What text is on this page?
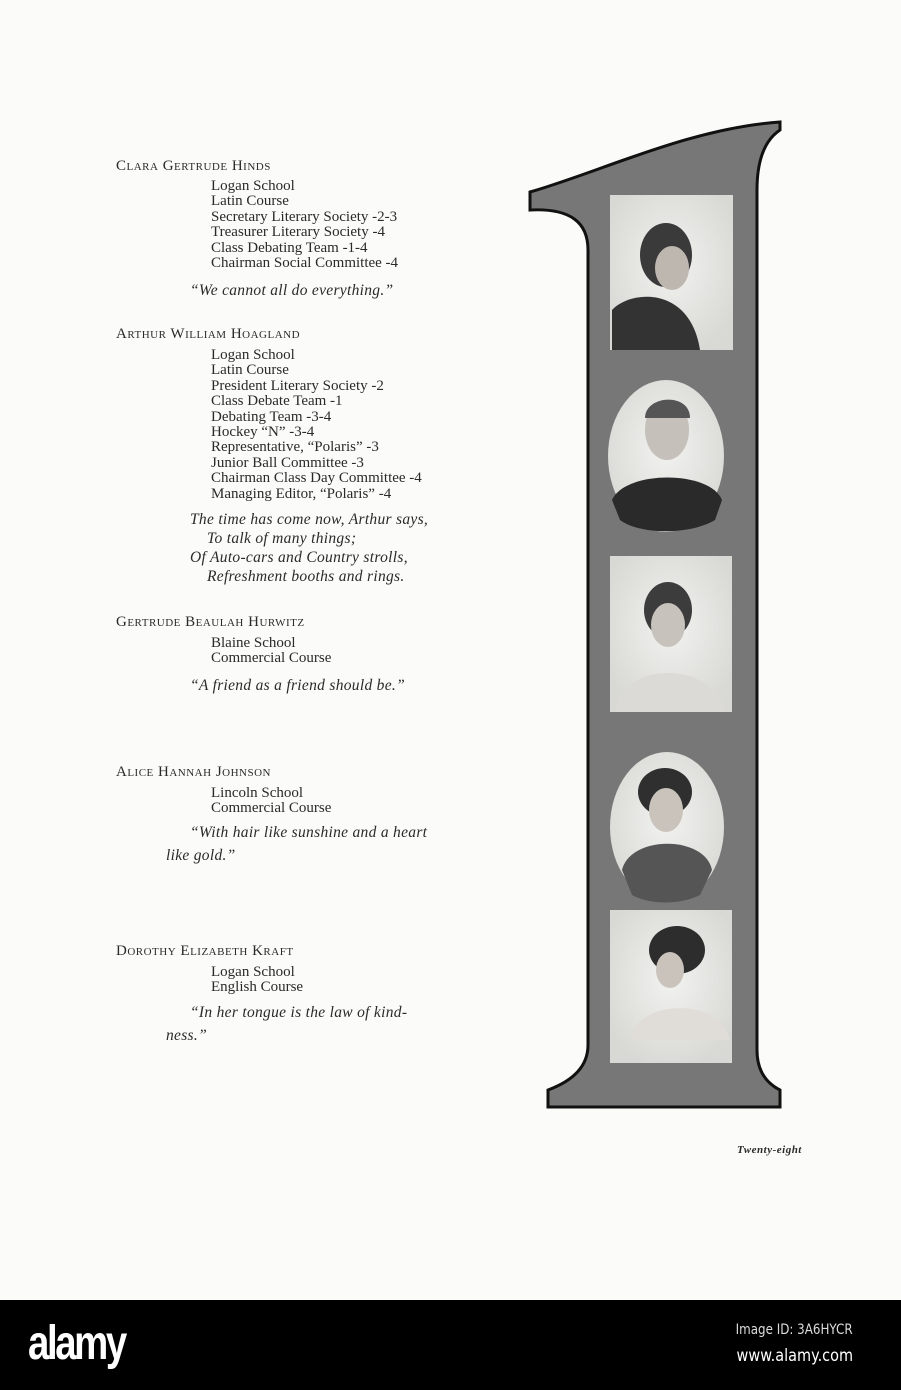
Clara Gertrude Hinds
Logan School
Latin Course
Secretary Literary Society -2-3
Treasurer Literary Society -4
Class Debating Team -1-4
Chairman Social Committee -4
“We cannot all do everything.”
Arthur William Hoagland
Logan School
Latin Course
President Literary Society -2
Class Debate Team -1
Debating Team -3-4
Hockey “N” -3-4
Representative, “Polaris” -3
Junior Ball Committee -3
Chairman Class Day Committee -4
Managing Editor, “Polaris” -4
The time has come now, Arthur says,
To talk of many things;
Of Auto-cars and Country strolls,
Refreshment booths and rings.
Gertrude Beaulah Hurwitz
Blaine School
Commercial Course
“A friend as a friend should be.”
Alice Hannah Johnson
Lincoln School
Commercial Course
“With hair like sunshine and a heart
like gold.”
Dorothy Elizabeth Kraft
Logan School
English Course
“In her tongue is the law of kind-
ness.”
Twenty-eight
alamy	Image ID: 3A6HYCR
www.alamy.com
